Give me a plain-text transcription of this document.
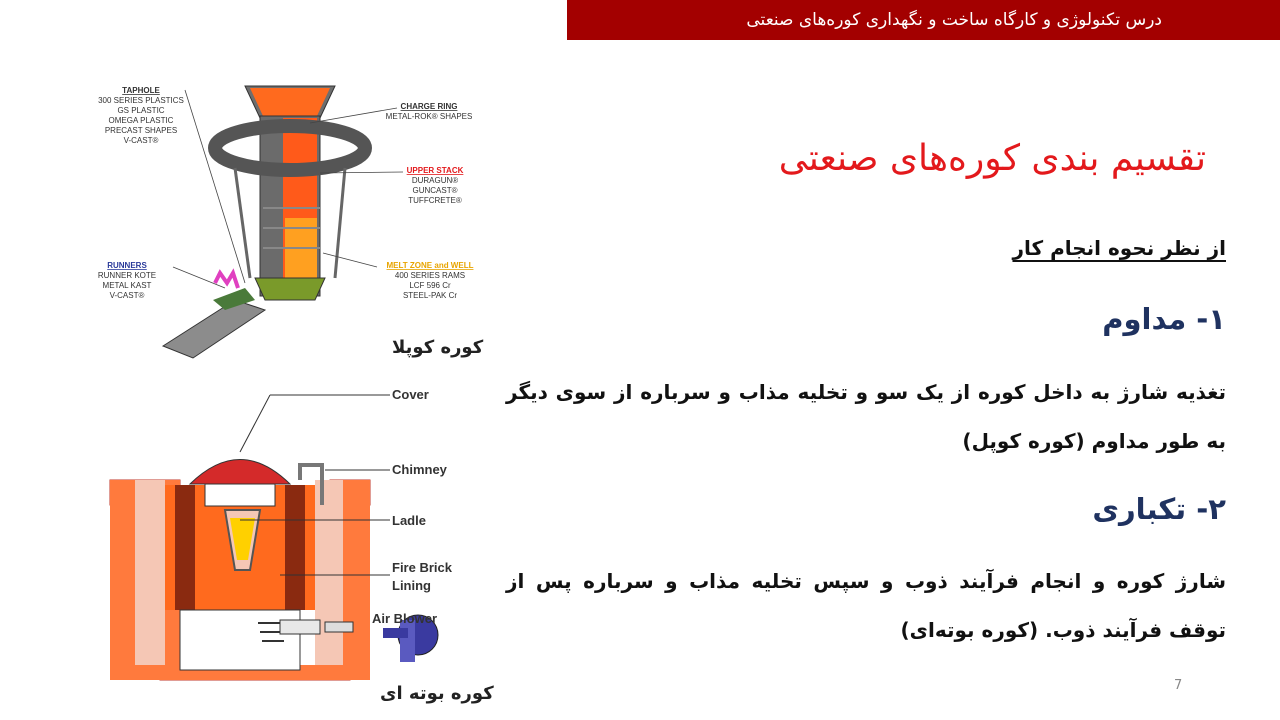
درس تکنولوژی و کارگاه ساخت و نگهداری کوره‌های صنعتی
تقسیم بندی کوره‌های صنعتی
از نظر نحوه انجام کار
۱- مداوم
تغذیه شارژ به داخل کوره از یک سو و تخلیه مذاب و سرباره از سوی دیگر به طور مداوم (کوره کوپل)
۲- تکباری
شارژ کوره و انجام فرآیند ذوب و سپس تخلیه مذاب و سرباره پس از توقف فرآیند ذوب. (کوره بوته‌ای)
7
TAPHOLE
300 SERIES PLASTICS
GS PLASTIC
OMEGA PLASTIC
PRECAST SHAPES
V-CAST®
CHARGE RING
METAL-ROK® SHAPES
UPPER STACK
DURAGUN®
GUNCAST®
TUFFCRETE®
RUNNERS
RUNNER KOTE
METAL KAST
V-CAST®
MELT ZONE and WELL
400 SERIES RAMS
LCF 596 Cr
STEEL-PAK Cr
کوره کوپلا
Cover
Chimney
Ladle
Fire Brick
Lining
Air Blower
کوره بوته ای
